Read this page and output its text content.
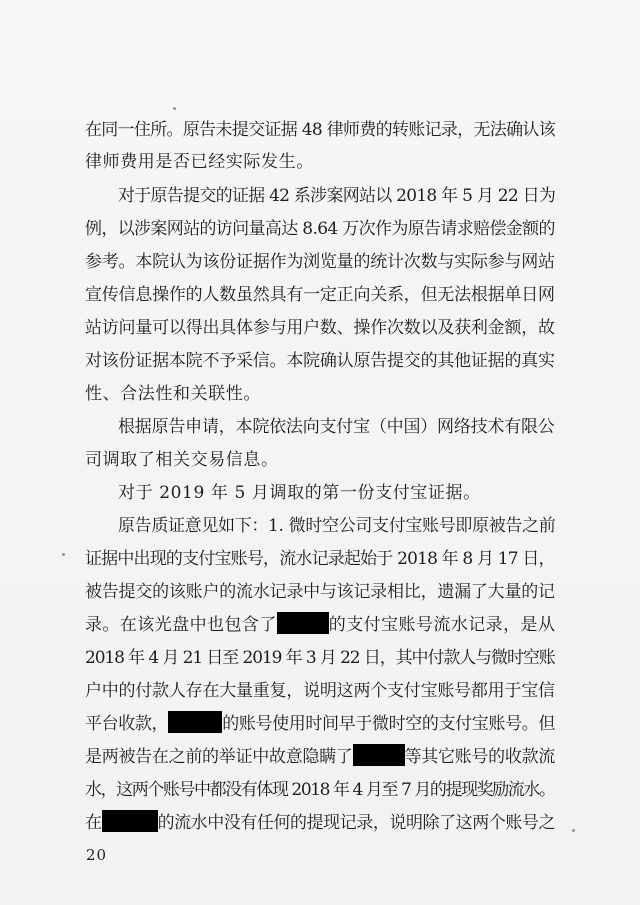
在同一住所。原告未提交证据 48 律师费的转账记录，无法确认该
律师费用是否已经实际发生。
对于原告提交的证据 42 系涉案网站以 2018 年 5 月 22 日为
例，以涉案网站的访问量高达 8.64 万次作为原告请求赔偿金额的
参考。本院认为该份证据作为浏览量的统计次数与实际参与网站
宣传信息操作的人数虽然具有一定正向关系，但无法根据单日网
站访问量可以得出具体参与用户数、操作次数以及获利金额，故
对该份证据本院不予采信。本院确认原告提交的其他证据的真实
性、合法性和关联性。
根据原告申请，本院依法向支付宝（中国）网络技术有限公
司调取了相关交易信息。
对于 2019 年 5 月调取的第一份支付宝证据。
原告质证意见如下：1. 微时空公司支付宝账号即原被告之前
证据中出现的支付宝账号，流水记录起始于 2018 年 8 月 17 日，
被告提交的该账户的流水记录中与该记录相比，遗漏了大量的记
录。在该光盘中也包含了	的支付宝账号流水记录，是从
2018 年 4 月 21 日至 2019 年 3 月 22 日，其中付款人与微时空账
户中的付款人存在大量重复，说明这两个支付宝账号都用于宝信
平台收款，	的账号使用时间早于微时空的支付宝账号。但
是两被告在之前的举证中故意隐瞒了	等其它账号的收款流
水，这两个账号中都没有体现 2018 年 4 月至 7 月的提现奖励流水。
在	的流水中没有任何的提现记录，说明除了这两个账号之
20
